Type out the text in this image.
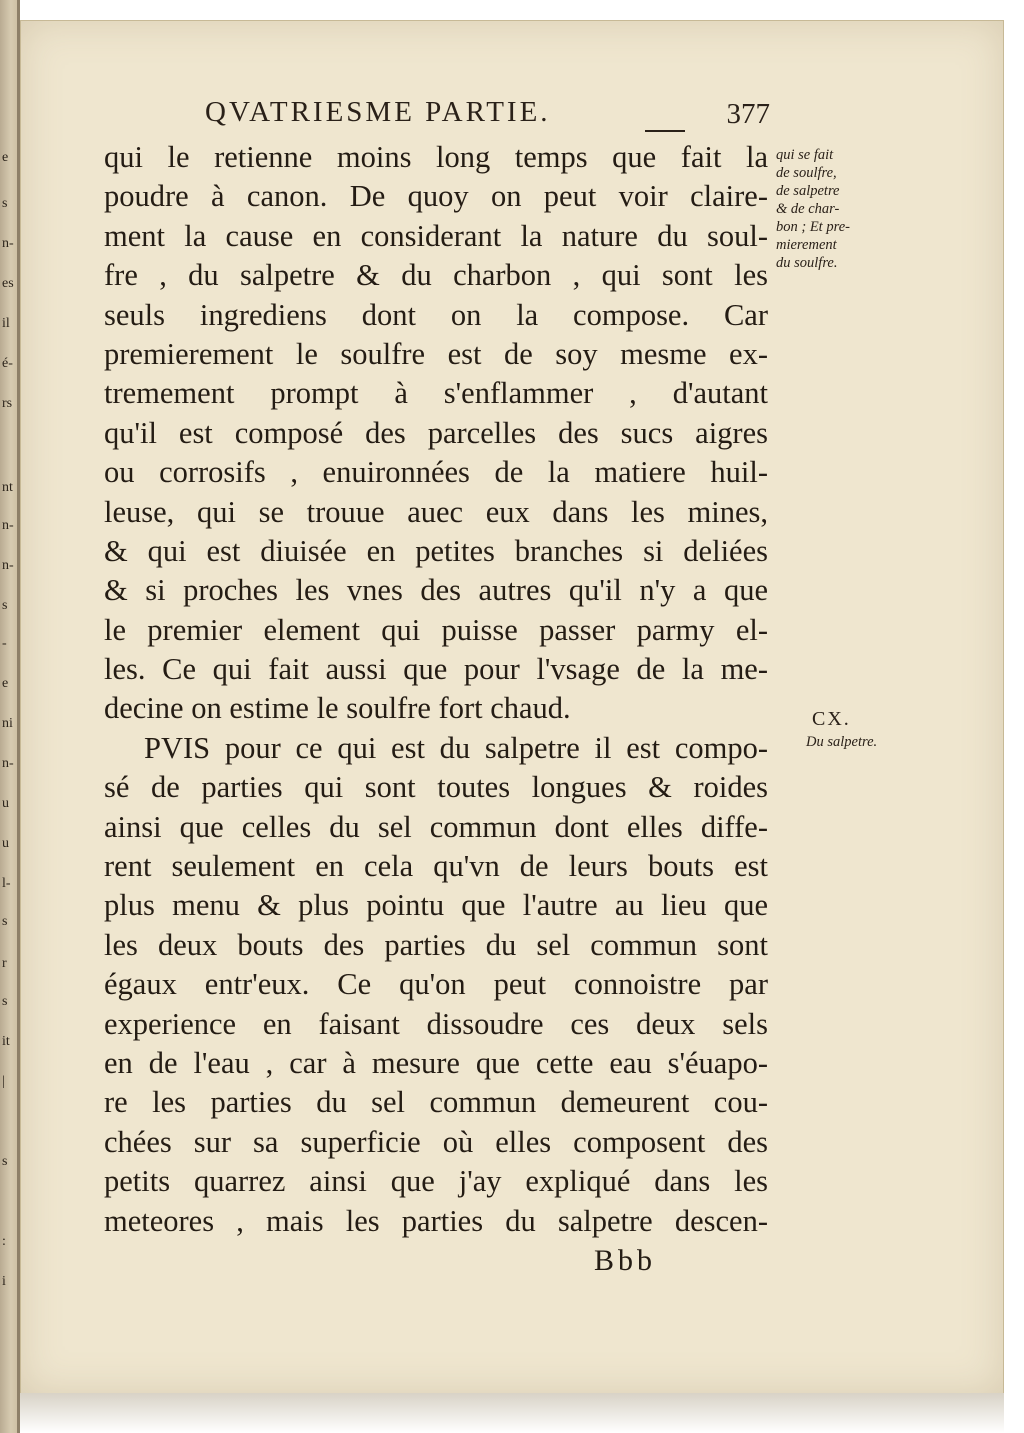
e
s
n-
es
il
é-
rs
nt
n-
n-
s
-
e
ni
n-
u
u
l-
s
r
s
it
|
s
:
i
QVATRIESME PARTIE.	377
qui le retienne moins long temps que fait la
poudre à canon. De quoy on peut voir claire-
ment la cause en considerant la nature du soul-
fre , du salpetre & du charbon , qui sont les
seuls ingrediens dont on la compose. Car
premierement le soulfre est de soy mesme ex-
tremement prompt à s'enflammer , d'autant
qu'il est composé des parcelles des sucs aigres
ou corrosifs , enuironnées de la matiere huil-
leuse, qui se trouue auec eux dans les mines,
& qui est diuisée en petites branches si deliées
& si proches les vnes des autres qu'il n'y a que
le premier element qui puisse passer parmy el-
les. Ce qui fait aussi que pour l'vsage de la me-
decine on estime le soulfre fort chaud.
PVIS pour ce qui est du salpetre il est compo-
sé de parties qui sont toutes longues & roides
ainsi que celles du sel commun dont elles diffe-
rent seulement en cela qu'vn de leurs bouts est
plus menu & plus pointu que l'autre au lieu que
les deux bouts des parties du sel commun sont
égaux entr'eux. Ce qu'on peut connoistre par
experience en faisant dissoudre ces deux sels
en de l'eau , car à mesure que cette eau s'éuapo-
re les parties du sel commun demeurent cou-
chées sur sa superficie où elles composent des
petits quarrez ainsi que j'ay expliqué dans les
meteores , mais les parties du salpetre descen-
qui se fait
de soulfre,
de salpetre
& de char-
bon ; Et pre-
mierement
du soulfre.
CX.
Du salpetre.
Bbb
